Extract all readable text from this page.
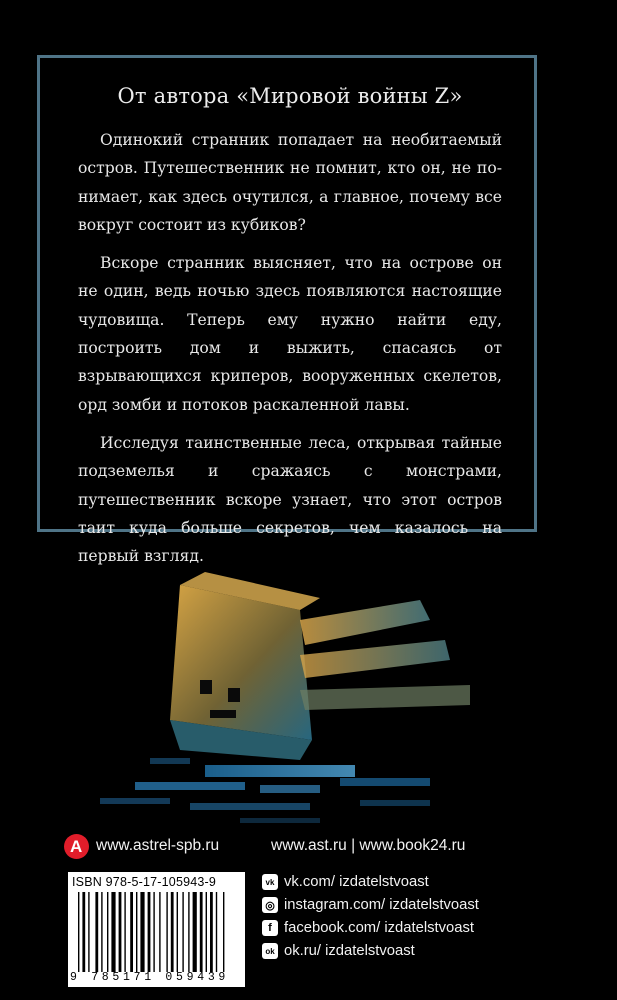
От автора «Мировой войны Z»

Одинокий странник попадает на необитаемый остров. Путешественник не помнит, кто он, не понимает, как здесь очутился, а главное, почему все вокруг состоит из кубиков?

Вскоре странник выясняет, что на острове он не один, ведь ночью здесь появляются настоящие чудовища. Теперь ему нужно найти еду, построить дом и выжить, спасаясь от взрывающихся криперов, вооруженных скелетов, орд зомби и потоков раскаленной лавы.

Исследуя таинственные леса, открывая тайные подземелья и сражаясь с монстрами, путешественник вскоре узнает, что этот остров таит куда больше секретов, чем казалось на первый взгляд.

A www.astrel-spb.ru	www.ast.ru | www.book24.ru
ISBN 978-5-17-105943-9
9 785171 059439
vk vk.com/ izdatelstvoast
◎ instagram.com/ izdatelstvoast
f facebook.com/ izdatelstvoast
ok ok.ru/ izdatelstvoast
